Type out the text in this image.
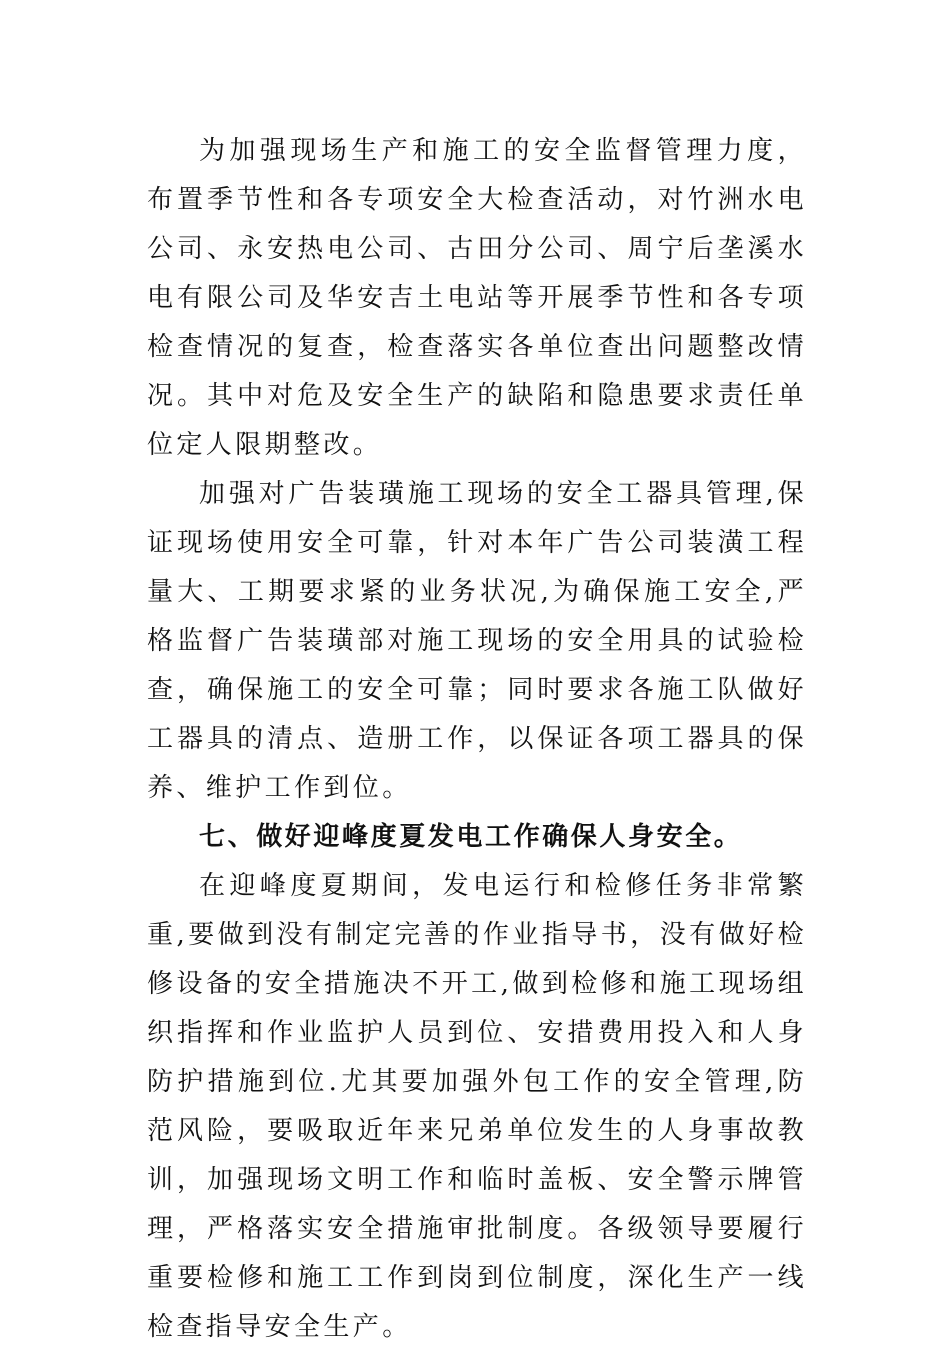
为加强现场生产和施工的安全监督管理力度，布置季节性和各专项安全大检查活动，对竹洲水电公司、永安热电公司、古田分公司、周宁后垄溪水电有限公司及华安吉土电站等开展季节性和各专项检查情况的复查，检查落实各单位查出问题整改情况。其中对危及安全生产的缺陷和隐患要求责任单位定人限期整改。

加强对广告装璜施工现场的安全工器具管理,保证现场使用安全可靠，针对本年广告公司装潢工程量大、工期要求紧的业务状况,为确保施工安全,严格监督广告装璜部对施工现场的安全用具的试验检查，确保施工的安全可靠；同时要求各施工队做好工器具的清点、造册工作，以保证各项工器具的保养、维护工作到位。

七、做好迎峰度夏发电工作确保人身安全。

在迎峰度夏期间，发电运行和检修任务非常繁重,要做到没有制定完善的作业指导书，没有做好检修设备的安全措施决不开工,做到检修和施工现场组织指挥和作业监护人员到位、安措费用投入和人身防护措施到位.尤其要加强外包工作的安全管理,防范风险，要吸取近年来兄弟单位发生的人身事故教训，加强现场文明工作和临时盖板、安全警示牌管理，严格落实安全措施审批制度。各级领导要履行重要检修和施工工作到岗到位制度，深化生产一线检查指导安全生产。
